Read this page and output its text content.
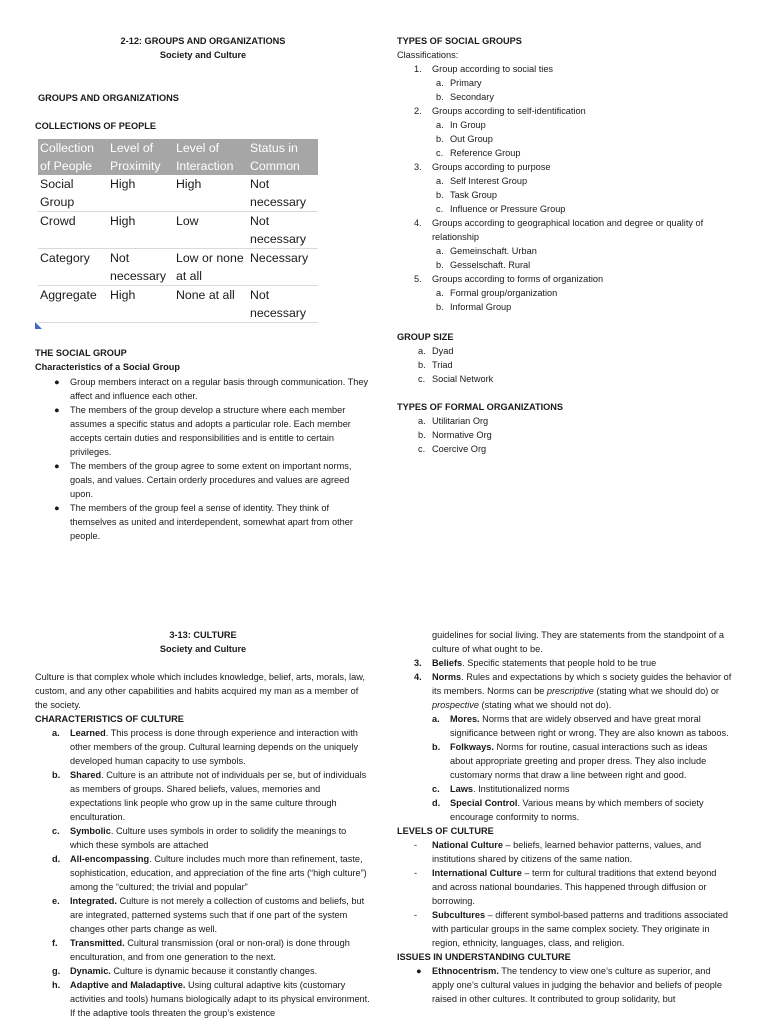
2-12: GROUPS AND ORGANIZATIONS
Society and Culture
GROUPS AND ORGANIZATIONS
COLLECTIONS OF PEOPLE
Collection of People	Level of Proximity	Level of Interaction	Status in Common
Social Group	High	High	Not necessary
Crowd	High	Low	Not necessary
Category	Not necessary	Low or none at all	Necessary
Aggregate	High	None at all	Not necessary
THE SOCIAL GROUP
Characteristics of a Social Group
● Group members interact on a regular basis through communication. They affect and influence each other.
● The members of the group develop a structure where each member assumes a specific status and adopts a particular role. Each member accepts certain duties and responsibilities and is entitle to certain privileges.
● The members of the group agree to some extent on important norms, goals, and values. Certain orderly procedures and values are agreed upon.
● The members of the group feel a sense of identity. They think of themselves as united and interdependent, somewhat apart from other people.
TYPES OF SOCIAL GROUPS
Classifications:
1. Group according to social ties
a. Primary
b. Secondary
2. Groups according to self-identification
a. In Group
b. Out Group
c. Reference Group
3. Groups according to purpose
a. Self Interest Group
b. Task Group
c. Influence or Pressure Group
4. Groups according to geographical location and degree or quality of relationship
a. Gemeinschaft. Urban
b. Gesselschaft. Rural
5. Groups according to forms of organization
a. Formal group/organization
b. Informal Group
GROUP SIZE
a. Dyad
b. Triad
c. Social Network
TYPES OF FORMAL ORGANIZATIONS
a. Utilitarian Org
b. Normative Org
c. Coercive Org
3-13: CULTURE
Society and Culture
Culture is that complex whole which includes knowledge, belief, arts, morals, law, custom, and any other capabilities and habits acquired my man as a member of the society.
CHARACTERISTICS OF CULTURE
a. Learned. This process is done through experience and interaction with other members of the group. Cultural learning depends on the uniquely developed human capacity to use symbols.
b. Shared. Culture is an attribute not of individuals per se, but of individuals as members of groups. Shared beliefs, values, memories and expectations link people who grow up in the same culture through enculturation.
c. Symbolic. Culture uses symbols in order to solidify the meanings to which these symbols are attached
d. All-encompassing. Culture includes much more than refinement, taste, sophistication, education, and appreciation of the fine arts (“high culture”) among the “cultured; the trivial and popular”
e. Integrated. Culture is not merely a collection of customs and beliefs, but are integrated, patterned systems such that if one part of the system changes other parts change as well.
f. Transmitted. Cultural transmission (oral or non-oral) is done through enculturation, and from one generation to the next.
g. Dynamic. Culture is dynamic because it constantly changes.
h. Adaptive and Maladaptive. Using cultural adaptive kits (customary activities and tools) humans biologically adapt to its physical environment. If the adaptive tools threaten the group’s existence
guidelines for social living. They are statements from the standpoint of a culture of what ought to be.
3. Beliefs. Specific statements that people hold to be true
4. Norms. Rules and expectations by which s society guides the behavior of its members. Norms can be prescriptive (stating what we should do) or prospective (stating what we should not do).
a. Mores. Norms that are widely observed and have great moral significance between right or wrong. They are also known as taboos.
b. Folkways. Norms for routine, casual interactions such as ideas about appropriate greeting and proper dress. They also include customary norms that draw a line between right and good.
c. Laws. Institutionalized norms
d. Special Control. Various means by which members of society encourage conformity to norms.
LEVELS OF CULTURE
- National Culture – beliefs, learned behavior patterns, values, and institutions shared by citizens of the same nation.
- International Culture – term for cultural traditions that extend beyond and across national boundaries. This happened through diffusion or borrowing.
- Subcultures – different symbol-based patterns and traditions associated with particular groups in the same complex society. They originate in region, ethnicity, languages, class, and religion.
ISSUES IN UNDERSTANDING CULTURE
● Ethnocentrism. The tendency to view one’s culture as superior, and apply one’s cultural values in judging the behavior and beliefs of people raised in other cultures. It contributed to group solidarity, but
